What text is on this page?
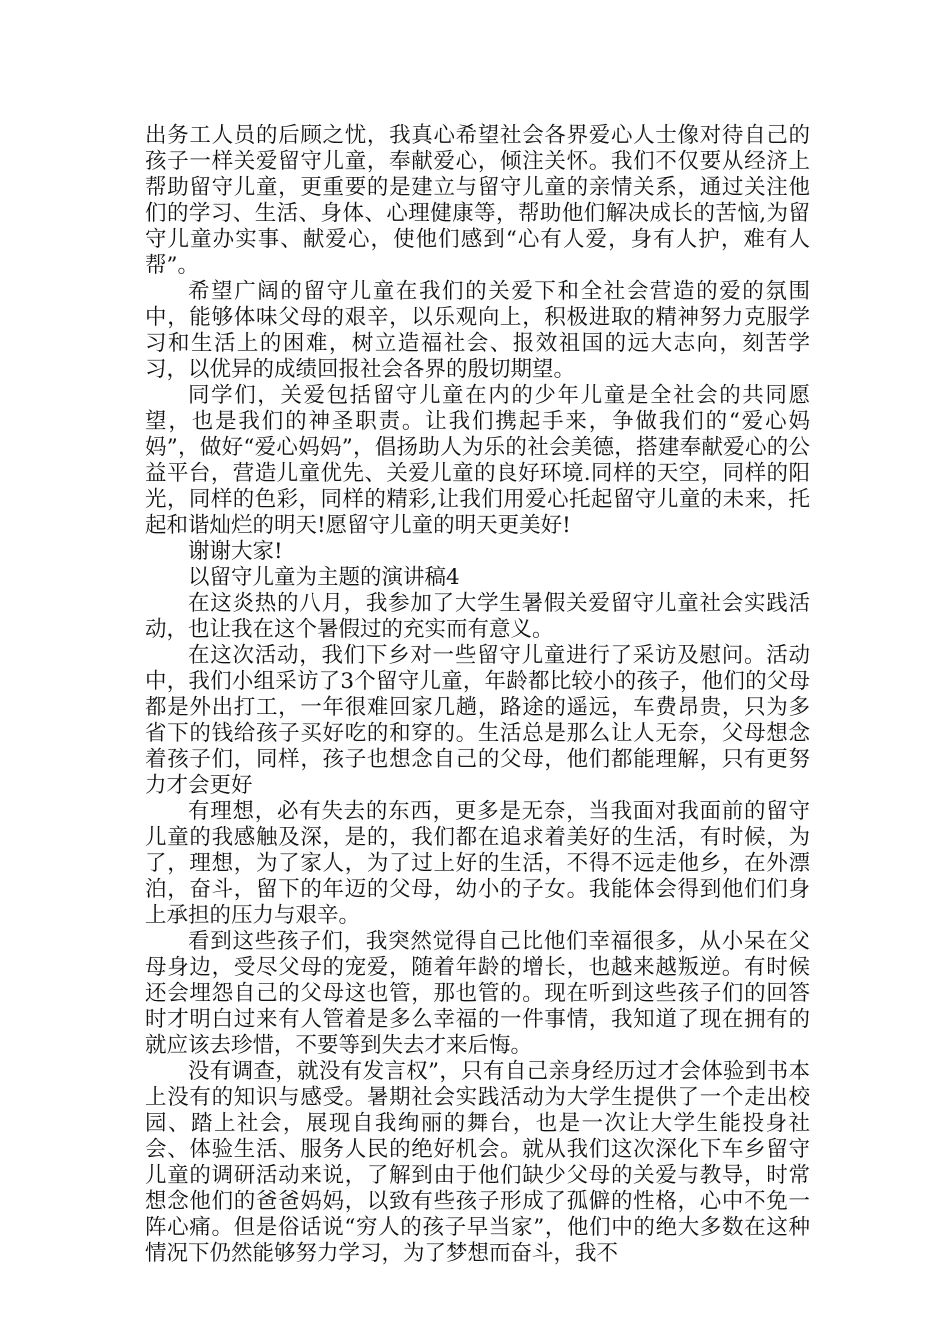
出务工人员的后顾之忧，我真心希望社会各界爱心人士像对待自己的孩子一样关爱留守儿童，奉献爱心，倾注关怀。我们不仅要从经济上帮助留守儿童，更重要的是建立与留守儿童的亲情关系，通过关注他们的学习、生活、身体、心理健康等，帮助他们解决成长的苦恼,为留守儿童办实事、献爱心，使他们感到“心有人爱，身有人护，难有人帮”。

希望广阔的留守儿童在我们的关爱下和全社会营造的爱的氛围中，能够体味父母的艰辛，以乐观向上，积极进取的精神努力克服学习和生活上的困难，树立造福社会、报效祖国的远大志向，刻苦学习，以优异的成绩回报社会各界的殷切期望。

同学们，关爱包括留守儿童在内的少年儿童是全社会的共同愿望，也是我们的神圣职责。让我们携起手来，争做我们的“爱心妈妈”，做好“爱心妈妈”，倡扬助人为乐的社会美德，搭建奉献爱心的公益平台，营造儿童优先、关爱儿童的良好环境.同样的天空，同样的阳光，同样的色彩，同样的精彩,让我们用爱心托起留守儿童的未来，托起和谐灿烂的明天!愿留守儿童的明天更美好!

谢谢大家!

以留守儿童为主题的演讲稿4

在这炎热的八月，我参加了大学生暑假关爱留守儿童社会实践活动，也让我在这个暑假过的充实而有意义。

在这次活动，我们下乡对一些留守儿童进行了采访及慰问。活动中，我们小组采访了3个留守儿童，年龄都比较小的孩子，他们的父母都是外出打工，一年很难回家几趟，路途的遥远，车费昂贵，只为多省下的钱给孩子买好吃的和穿的。生活总是那么让人无奈，父母想念着孩子们，同样，孩子也想念自己的父母，他们都能理解，只有更努力才会更好

有理想，必有失去的东西，更多是无奈，当我面对我面前的留守儿童的我感触及深，是的，我们都在追求着美好的生活，有时候，为了，理想，为了家人，为了过上好的生活，不得不远走他乡，在外漂泊，奋斗，留下的年迈的父母，幼小的子女。我能体会得到他们们身上承担的压力与艰辛。

看到这些孩子们，我突然觉得自己比他们幸福很多，从小呆在父母身边，受尽父母的宠爱，随着年龄的增长，也越来越叛逆。有时候还会埋怨自己的父母这也管，那也管的。现在听到这些孩子们的回答时才明白过来有人管着是多么幸福的一件事情，我知道了现在拥有的就应该去珍惜，不要等到失去才来后悔。

没有调查，就没有发言权”，只有自己亲身经历过才会体验到书本上没有的知识与感受。暑期社会实践活动为大学生提供了一个走出校园、踏上社会，展现自我绚丽的舞台，也是一次让大学生能投身社会、体验生活、服务人民的绝好机会。就从我们这次深化下车乡留守儿童的调研活动来说，了解到由于他们缺少父母的关爱与教导，时常想念他们的爸爸妈妈，以致有些孩子形成了孤僻的性格，心中不免一阵心痛。但是俗话说“穷人的孩子早当家”，他们中的绝大多数在这种情况下仍然能够努力学习，为了梦想而奋斗，我不
